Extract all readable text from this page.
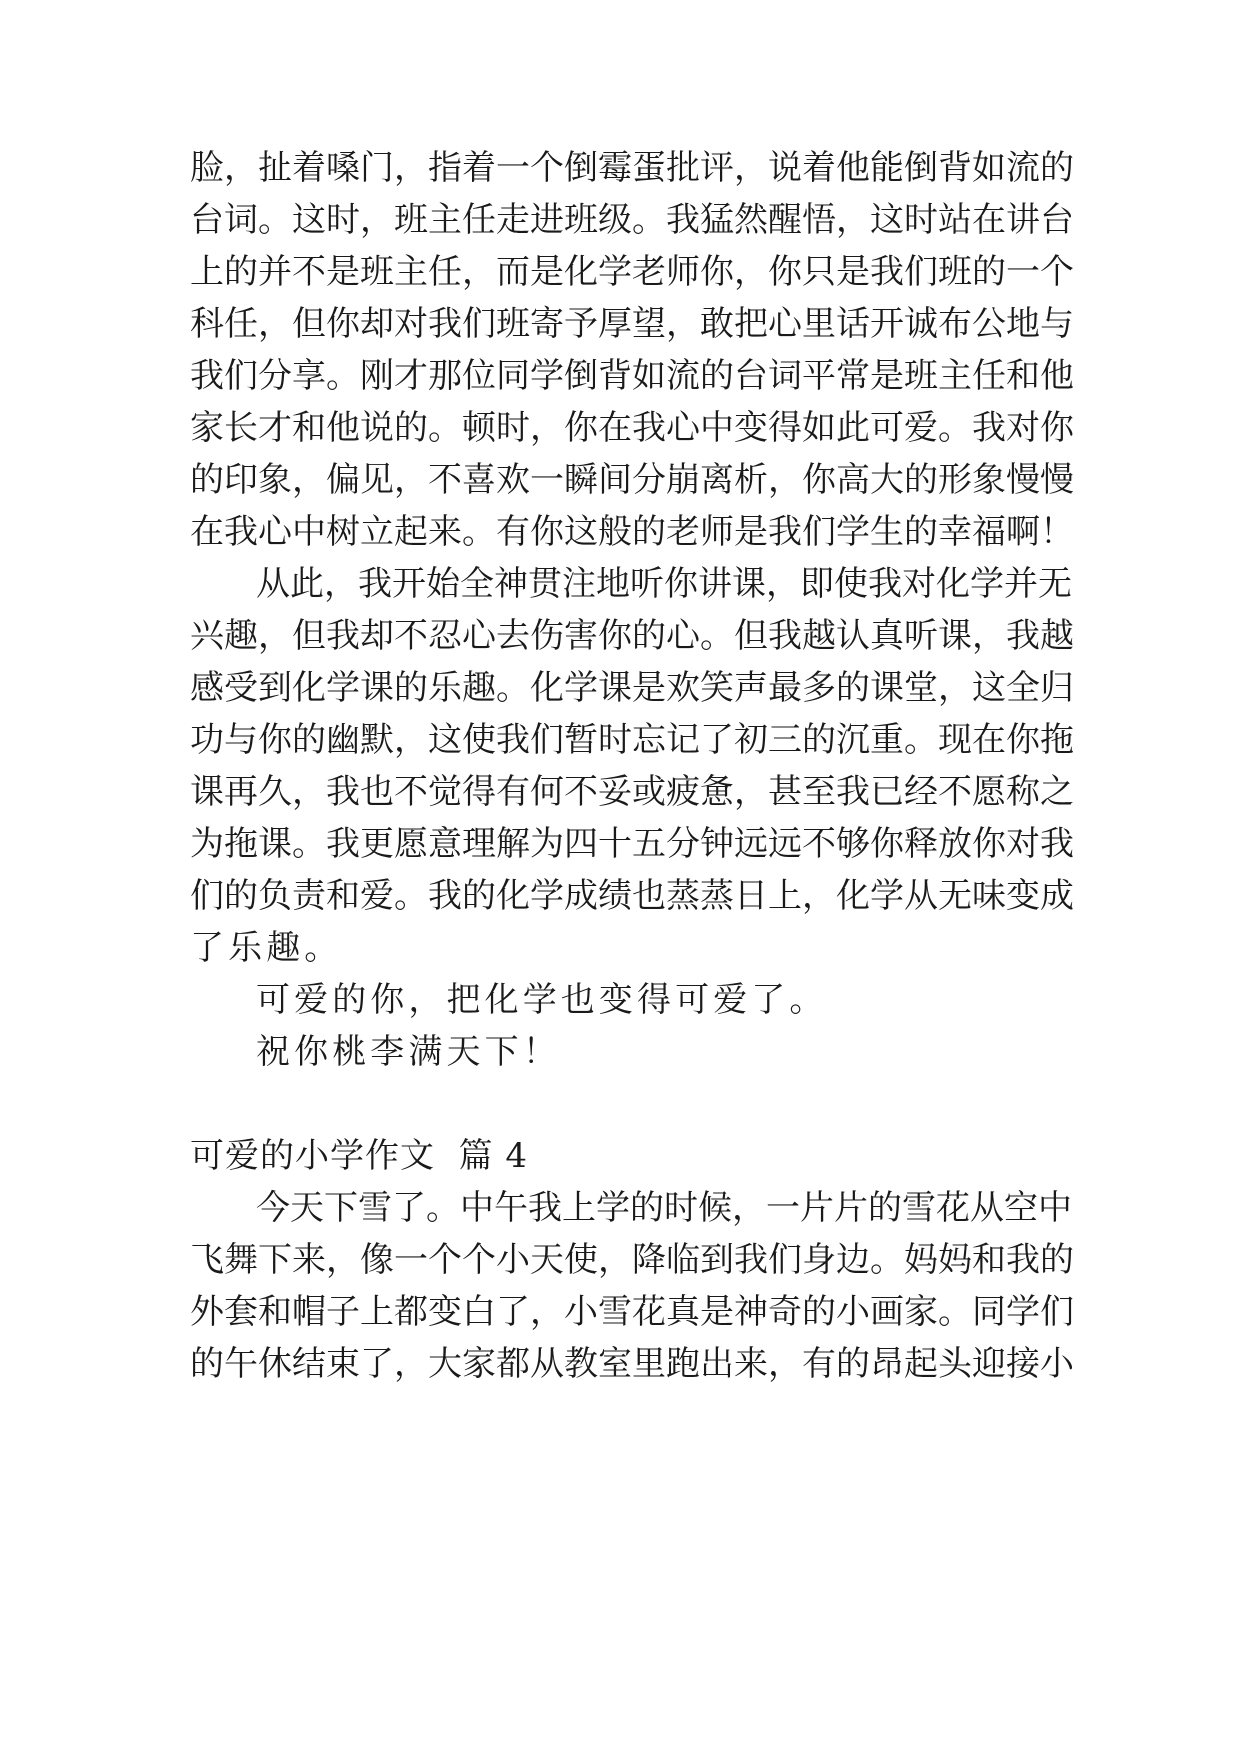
脸，扯着嗓门，指着一个倒霉蛋批评，说着他能倒背如流的
台词。这时，班主任走进班级。我猛然醒悟，这时站在讲台
上的并不是班主任，而是化学老师你，你只是我们班的一个
科任，但你却对我们班寄予厚望，敢把心里话开诚布公地与
我们分享。刚才那位同学倒背如流的台词平常是班主任和他
家长才和他说的。顿时，你在我心中变得如此可爱。我对你
的印象，偏见，不喜欢一瞬间分崩离析，你高大的形象慢慢
在我心中树立起来。有你这般的老师是我们学生的幸福啊！
从此，我开始全神贯注地听你讲课，即使我对化学并无
兴趣，但我却不忍心去伤害你的心。但我越认真听课，我越
感受到化学课的乐趣。化学课是欢笑声最多的课堂，这全归
功与你的幽默，这使我们暂时忘记了初三的沉重。现在你拖
课再久，我也不觉得有何不妥或疲惫，甚至我已经不愿称之
为拖课。我更愿意理解为四十五分钟远远不够你释放你对我
们的负责和爱。我的化学成绩也蒸蒸日上，化学从无味变成
了乐趣。
可爱的你，把化学也变得可爱了。
祝你桃李满天下！
可爱的小学作文  篇 4
今天下雪了。中午我上学的时候，一片片的雪花从空中
飞舞下来，像一个个小天使，降临到我们身边。妈妈和我的
外套和帽子上都变白了，小雪花真是神奇的小画家。同学们
的午休结束了，大家都从教室里跑出来，有的昂起头迎接小
